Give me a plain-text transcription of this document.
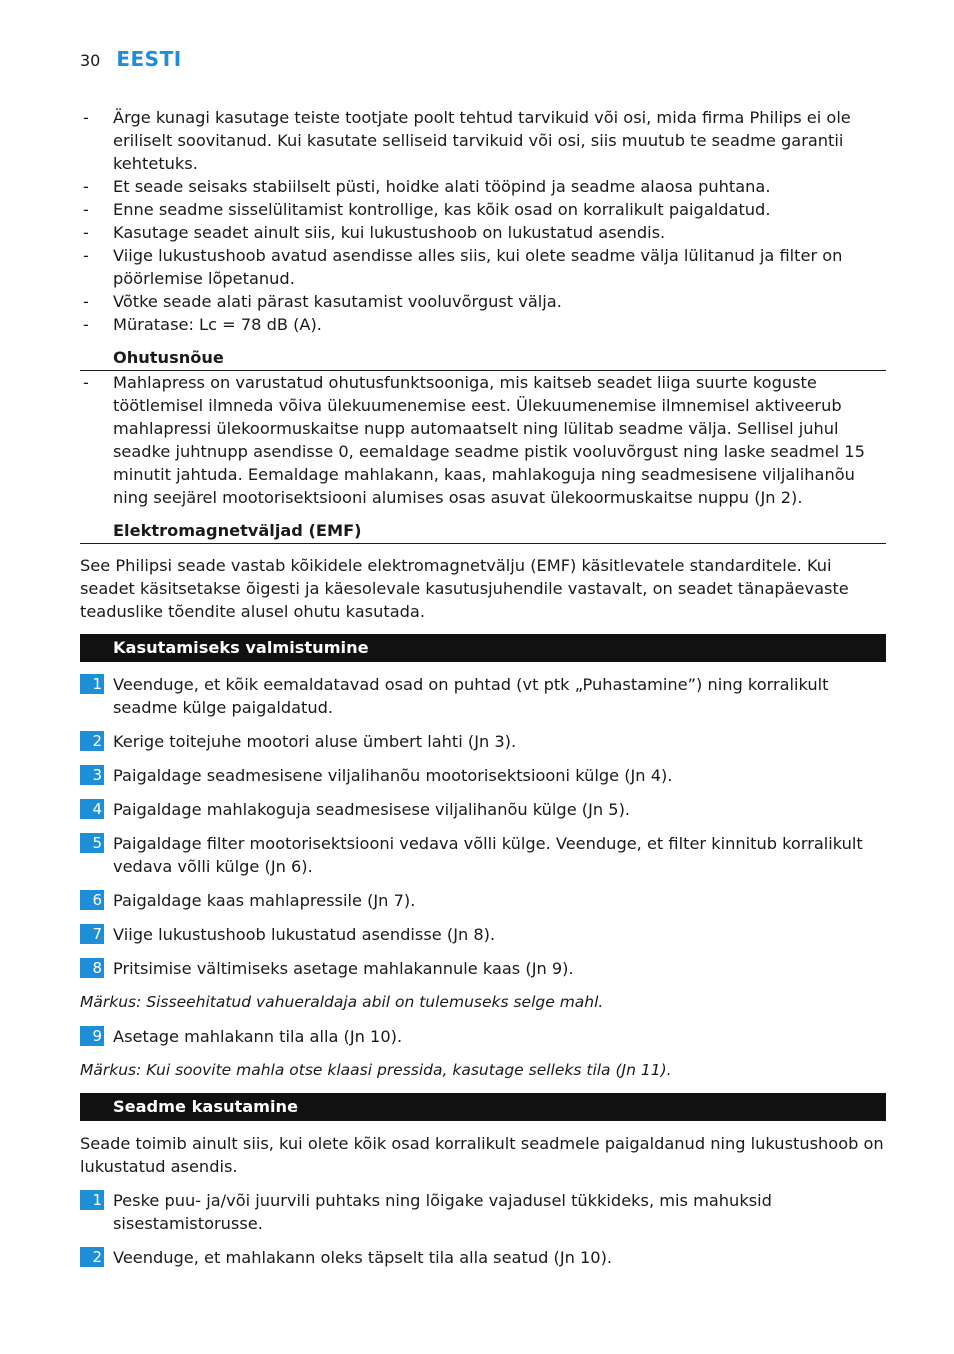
30 EESTI
- Ärge kunagi kasutage teiste tootjate poolt tehtud tarvikuid või osi, mida firma Philips ei ole eriliselt soovitanud. Kui kasutate selliseid tarvikuid või osi, siis muutub te seadme garantii kehtetuks.
- Et seade seisaks stabiilselt püsti, hoidke alati tööpind ja seadme alaosa puhtana.
- Enne seadme sisselülitamist kontrollige, kas kõik osad on korralikult paigaldatud.
- Kasutage seadet ainult siis, kui lukustushoob on lukustatud asendis.
- Viige lukustushoob avatud asendisse alles siis, kui olete seadme välja lülitanud ja filter on pöörlemise lõpetanud.
- Võtke seade alati pärast kasutamist vooluvõrgust välja.
- Müratase: Lc = 78 dB (A).
Ohutusnõue
- Mahlapress on varustatud ohutusfunktsooniga, mis kaitseb seadet liiga suurte koguste töötlemisel ilmneda võiva ülekuumenemise eest. Ülekuumenemise ilmnemisel aktiveerub mahlapressi ülekoormuskaitse nupp automaatselt ning lülitab seadme välja. Sellisel juhul seadke juhtnupp asendisse 0, eemaldage seadme pistik vooluvõrgust ning laske seadmel 15 minutit jahtuda. Eemaldage mahlakann, kaas, mahlakoguja ning seadmesisene viljalihanõu ning seejärel mootorisektsiooni alumises osas asuvat ülekoormuskaitse nuppu (Jn 2).
Elektromagnetväljad (EMF)

See Philipsi seade vastab kõikidele elektromagnetvälju (EMF) käsitlevatele standarditele. Kui seadet käsitsetakse õigesti ja käesolevale kasutusjuhendile vastavalt, on seadet tänapäevaste teaduslike tõendite alusel ohutu kasutada.

Kasutamiseks valmistumine
1 Veenduge, et kõik eemaldatavad osad on puhtad (vt ptk „Puhastamine”) ning korralikult seadme külge paigaldatud.
2 Kerige toitejuhe mootori aluse ümbert lahti (Jn 3).
3 Paigaldage seadmesisene viljalihanõu mootorisektsiooni külge (Jn 4).
4 Paigaldage mahlakoguja seadmesisese viljalihanõu külge (Jn 5).
5 Paigaldage filter mootorisektsiooni vedava võlli külge. Veenduge, et filter kinnitub korralikult vedava võlli külge (Jn 6).
6 Paigaldage kaas mahlapressile (Jn 7).
7 Viige lukustushoob lukustatud asendisse (Jn 8).
8 Pritsimise vältimiseks asetage mahlakannule kaas (Jn 9).

Märkus: Sisseehitatud vahueraldaja abil on tulemuseks selge mahl.

9 Asetage mahlakann tila alla (Jn 10).

Märkus: Kui soovite mahla otse klaasi pressida, kasutage selleks tila (Jn 11).

Seadme kasutamine

Seade toimib ainult siis, kui olete kõik osad korralikult seadmele paigaldanud ning lukustushoob on lukustatud asendis.

1 Peske puu- ja/või juurvili puhtaks ning lõigake vajadusel tükkideks, mis mahuksid sisestamistorusse.
2 Veenduge, et mahlakann oleks täpselt tila alla seatud (Jn 10).
